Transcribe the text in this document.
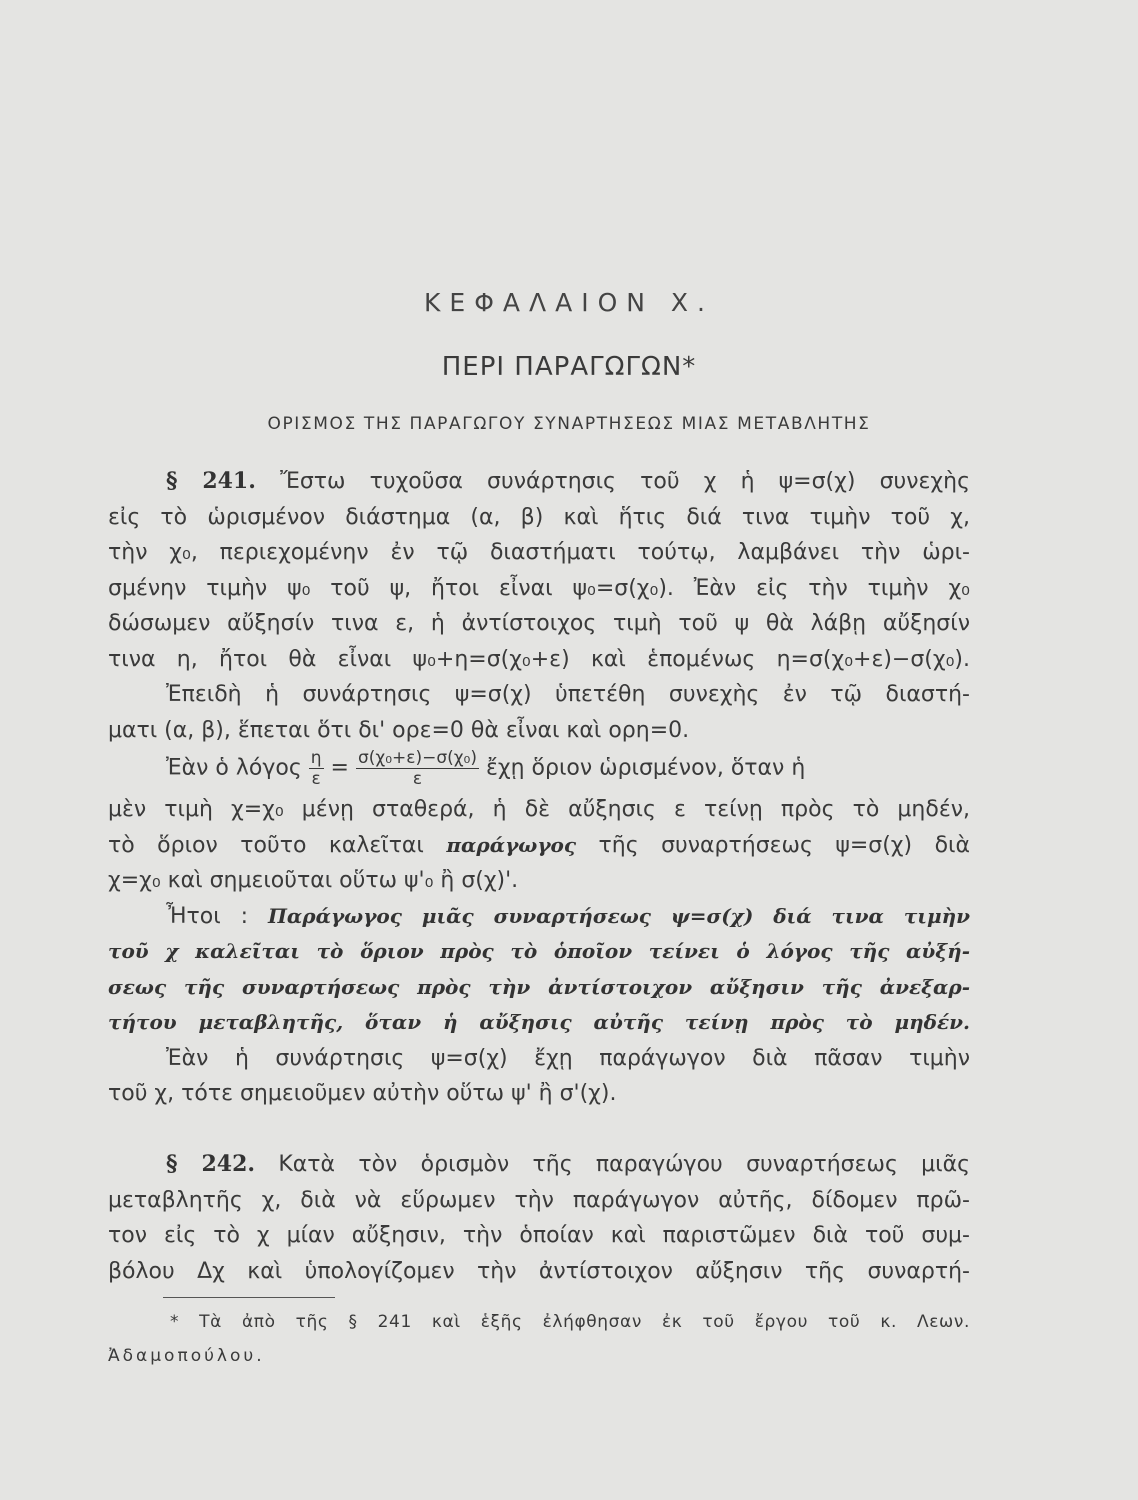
ΚΕΦΑΛΑΙΟΝ X.
ΠΕΡΙ ΠΑΡΑΓΩΓΩΝ*
ΟΡΙΣΜΟΣ ΤΗΣ ΠΑΡΑΓΩΓΟΥ ΣΥΝΑΡΤΗΣΕΩΣ ΜΙΑΣ ΜΕΤΑΒΛΗΤΗΣ
§ 241. Ἔστω τυχοῦσα συνάρτησις τοῦ χ ἡ ψ=σ(χ) συνεχὴς
εἰς τὸ ὡρισμένον διάστημα (α, β) καὶ ἥτις διά τινα τιμὴν τοῦ χ,
τὴν χ₀, περιεχομένην ἐν τῷ διαστήματι τούτῳ, λαμβάνει τὴν ὡρι-
σμένην τιμὴν ψ₀ τοῦ ψ, ἤτοι εἶναι ψ₀=σ(χ₀). Ἐὰν εἰς τὴν τιμὴν χ₀
δώσωμεν αὔξησίν τινα ε, ἡ ἀντίστοιχος τιμὴ τοῦ ψ θὰ λάβῃ αὔξησίν
τινα η, ἤτοι θὰ εἶναι ψ₀+η=σ(χ₀+ε) καὶ ἑπομένως η=σ(χ₀+ε)−σ(χ₀).
Ἐπειδὴ ἡ συνάρτησις ψ=σ(χ) ὑπετέθη συνεχὴς ἐν τῷ διαστή-
ματι (α, β), ἕπεται ὅτι δι' ορε=0 θὰ εἶναι καὶ ορη=0.
Ἐὰν ὁ λόγος $\frac{\eta}{\varepsilon} = \frac{\text{σ(χ₀+ε)−σ(χ₀)}}{\varepsilon}$ ἔχῃ ὅριον ὡρισμένον, ὅταν ἡ
μὲν τιμὴ χ=χ₀ μένῃ σταθερά, ἡ δὲ αὔξησις ε τείνῃ πρὸς τὸ μηδέν,
τὸ ὅριον τοῦτο καλεῖται παράγωγος τῆς συναρτήσεως ψ=σ(χ) διὰ
χ=χ₀ καὶ σημειοῦται οὕτω ψ'₀ ἢ σ(χ)'.
Ἦτοι : Παράγωγος μιᾶς συναρτήσεως ψ=σ(χ) διά τινα τιμὴν
τοῦ χ καλεῖται τὸ ὅριον πρὸς τὸ ὁποῖον τείνει ὁ λόγος τῆς αὐξή-
σεως τῆς συναρτήσεως πρὸς τὴν ἀντίστοιχον αὔξησιν τῆς ἀνεξαρ-
τήτου μεταβλητῆς, ὅταν ἡ αὔξησις αὐτῆς τείνῃ πρὸς τὸ μηδέν.
Ἐὰν ἡ συνάρτησις ψ=σ(χ) ἔχῃ παράγωγον διὰ πᾶσαν τιμὴν
τοῦ χ, τότε σημειοῦμεν αὐτὴν οὕτω ψ' ἢ σ'(χ).
§ 242. Κατὰ τὸν ὁρισμὸν τῆς παραγώγου συναρτήσεως μιᾶς
μεταβλητῆς χ, διὰ νὰ εὕρωμεν τὴν παράγωγον αὐτῆς, δίδομεν πρῶ-
τον εἰς τὸ χ μίαν αὔξησιν, τὴν ὁποίαν καὶ παριστῶμεν διὰ τοῦ συμ-
βόλου Δχ καὶ ὑπολογίζομεν τὴν ἀντίστοιχον αὔξησιν τῆς συναρτή-
* Τὰ ἀπὸ τῆς § 241 καὶ ἑξῆς ἐλήφθησαν ἐκ τοῦ ἔργου τοῦ κ. Λεων.
Ἀδαμοπούλου.
